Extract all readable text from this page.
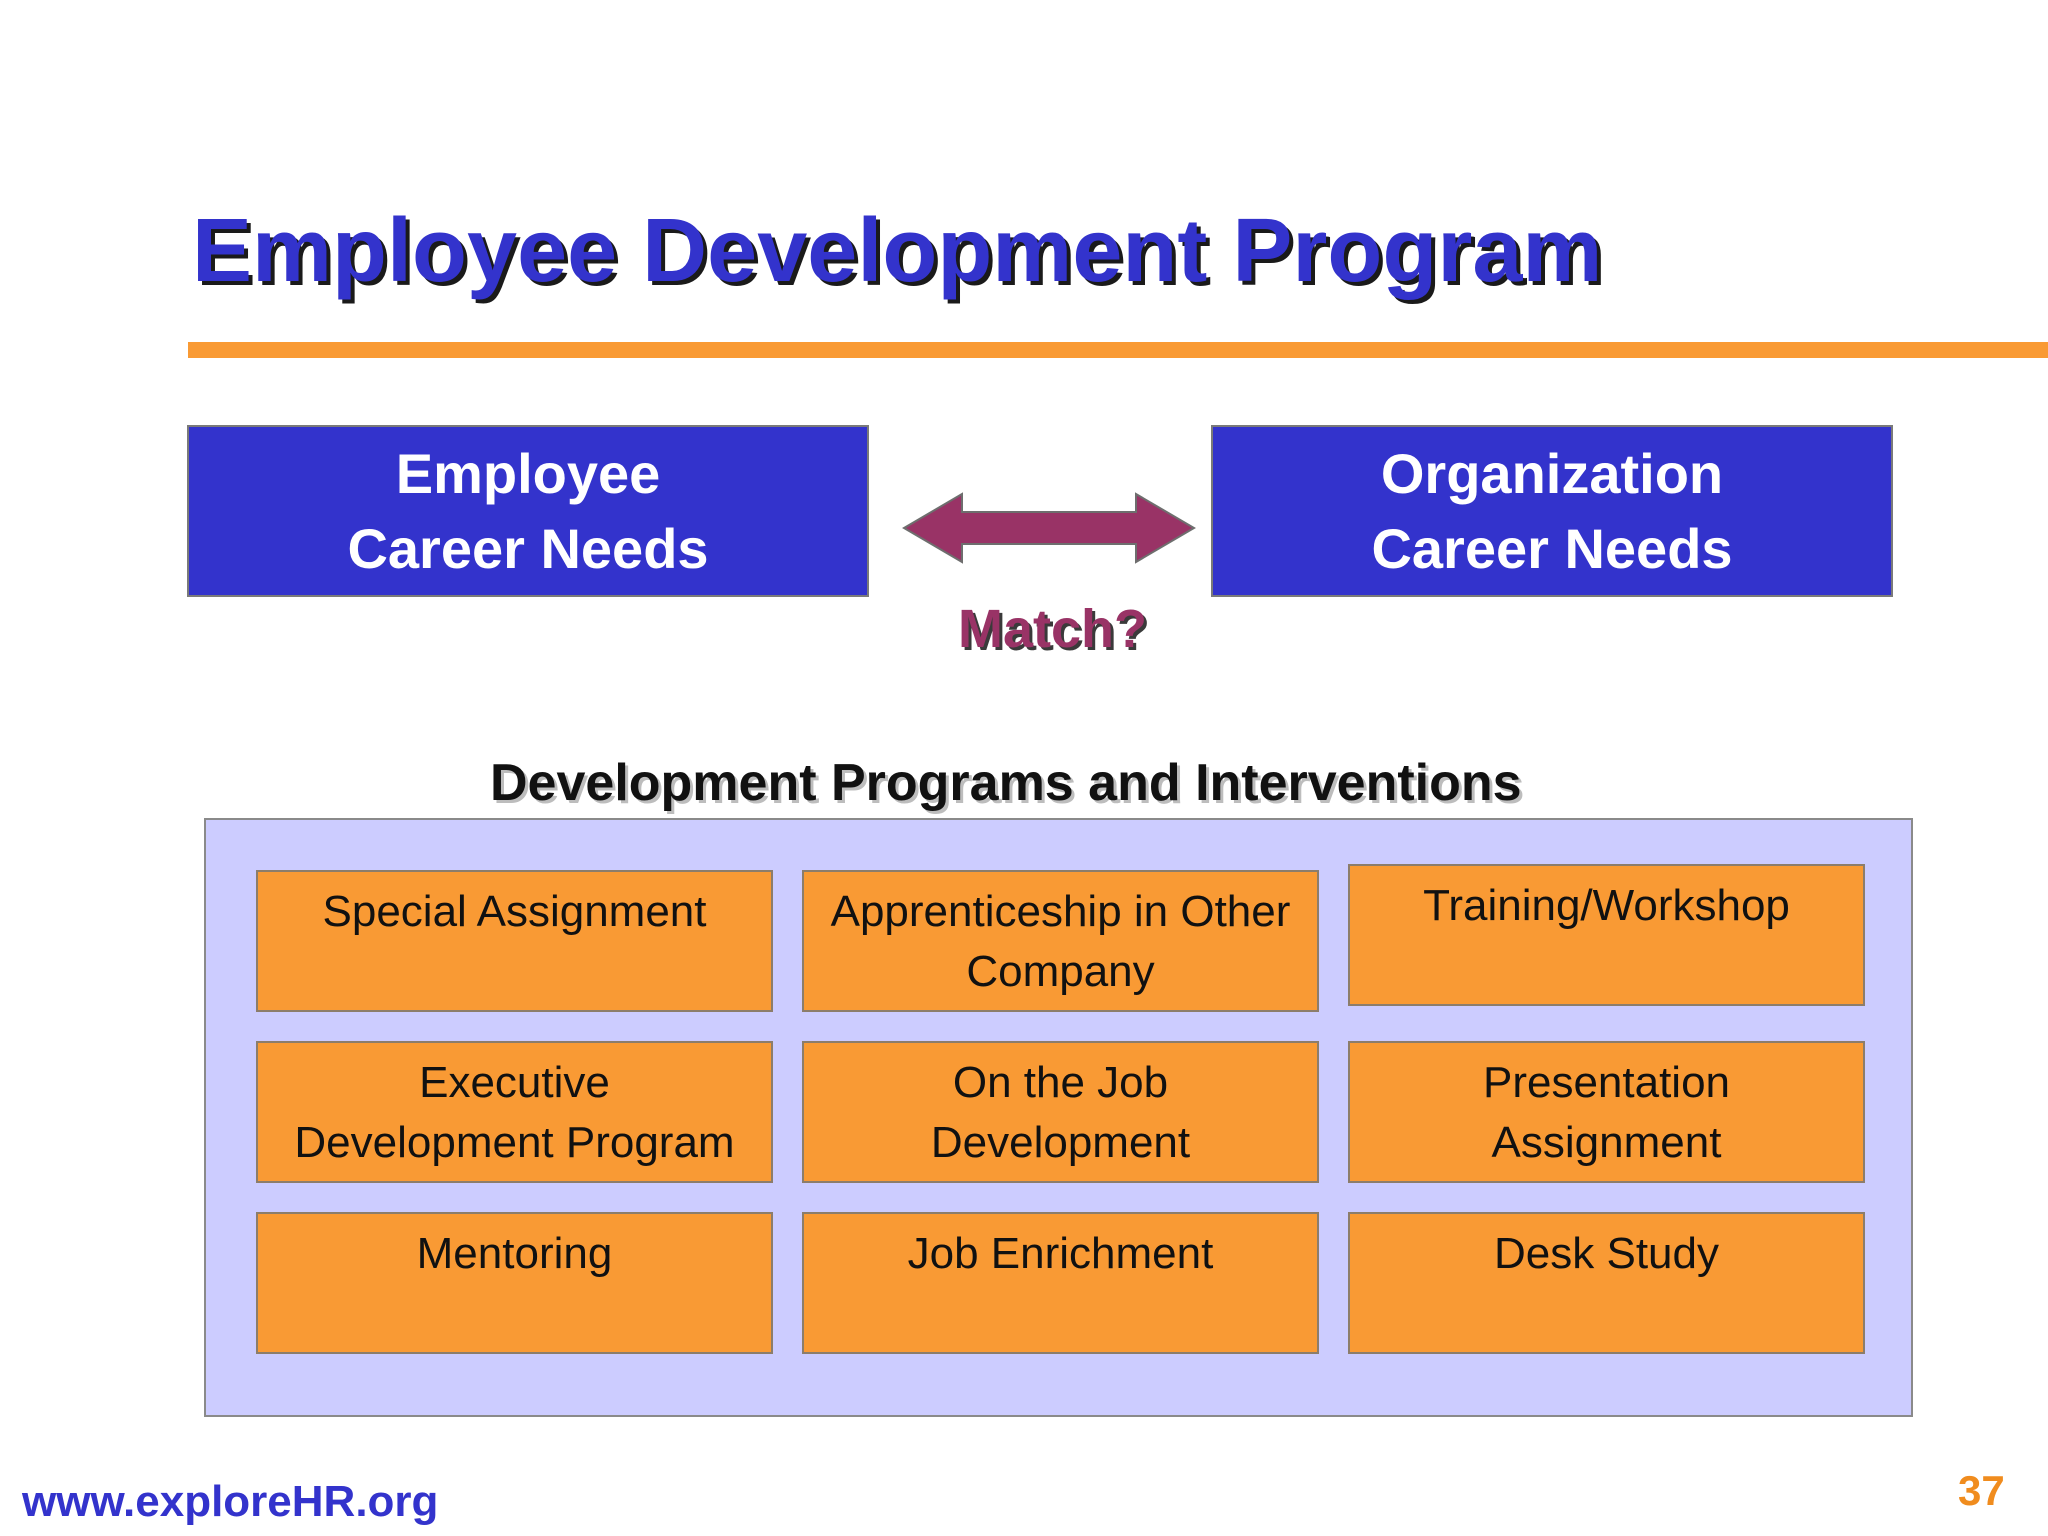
Employee Development Program
Employee
Career Needs
Organization
Career Needs
Match?
Development Programs and Interventions
Special Assignment	Apprenticeship in Other
Company
Training/Workshop
Executive
Development Program
On the Job
Development
Presentation
Assignment
Mentoring	Job Enrichment	Desk Study
www.exploreHR.org	37
